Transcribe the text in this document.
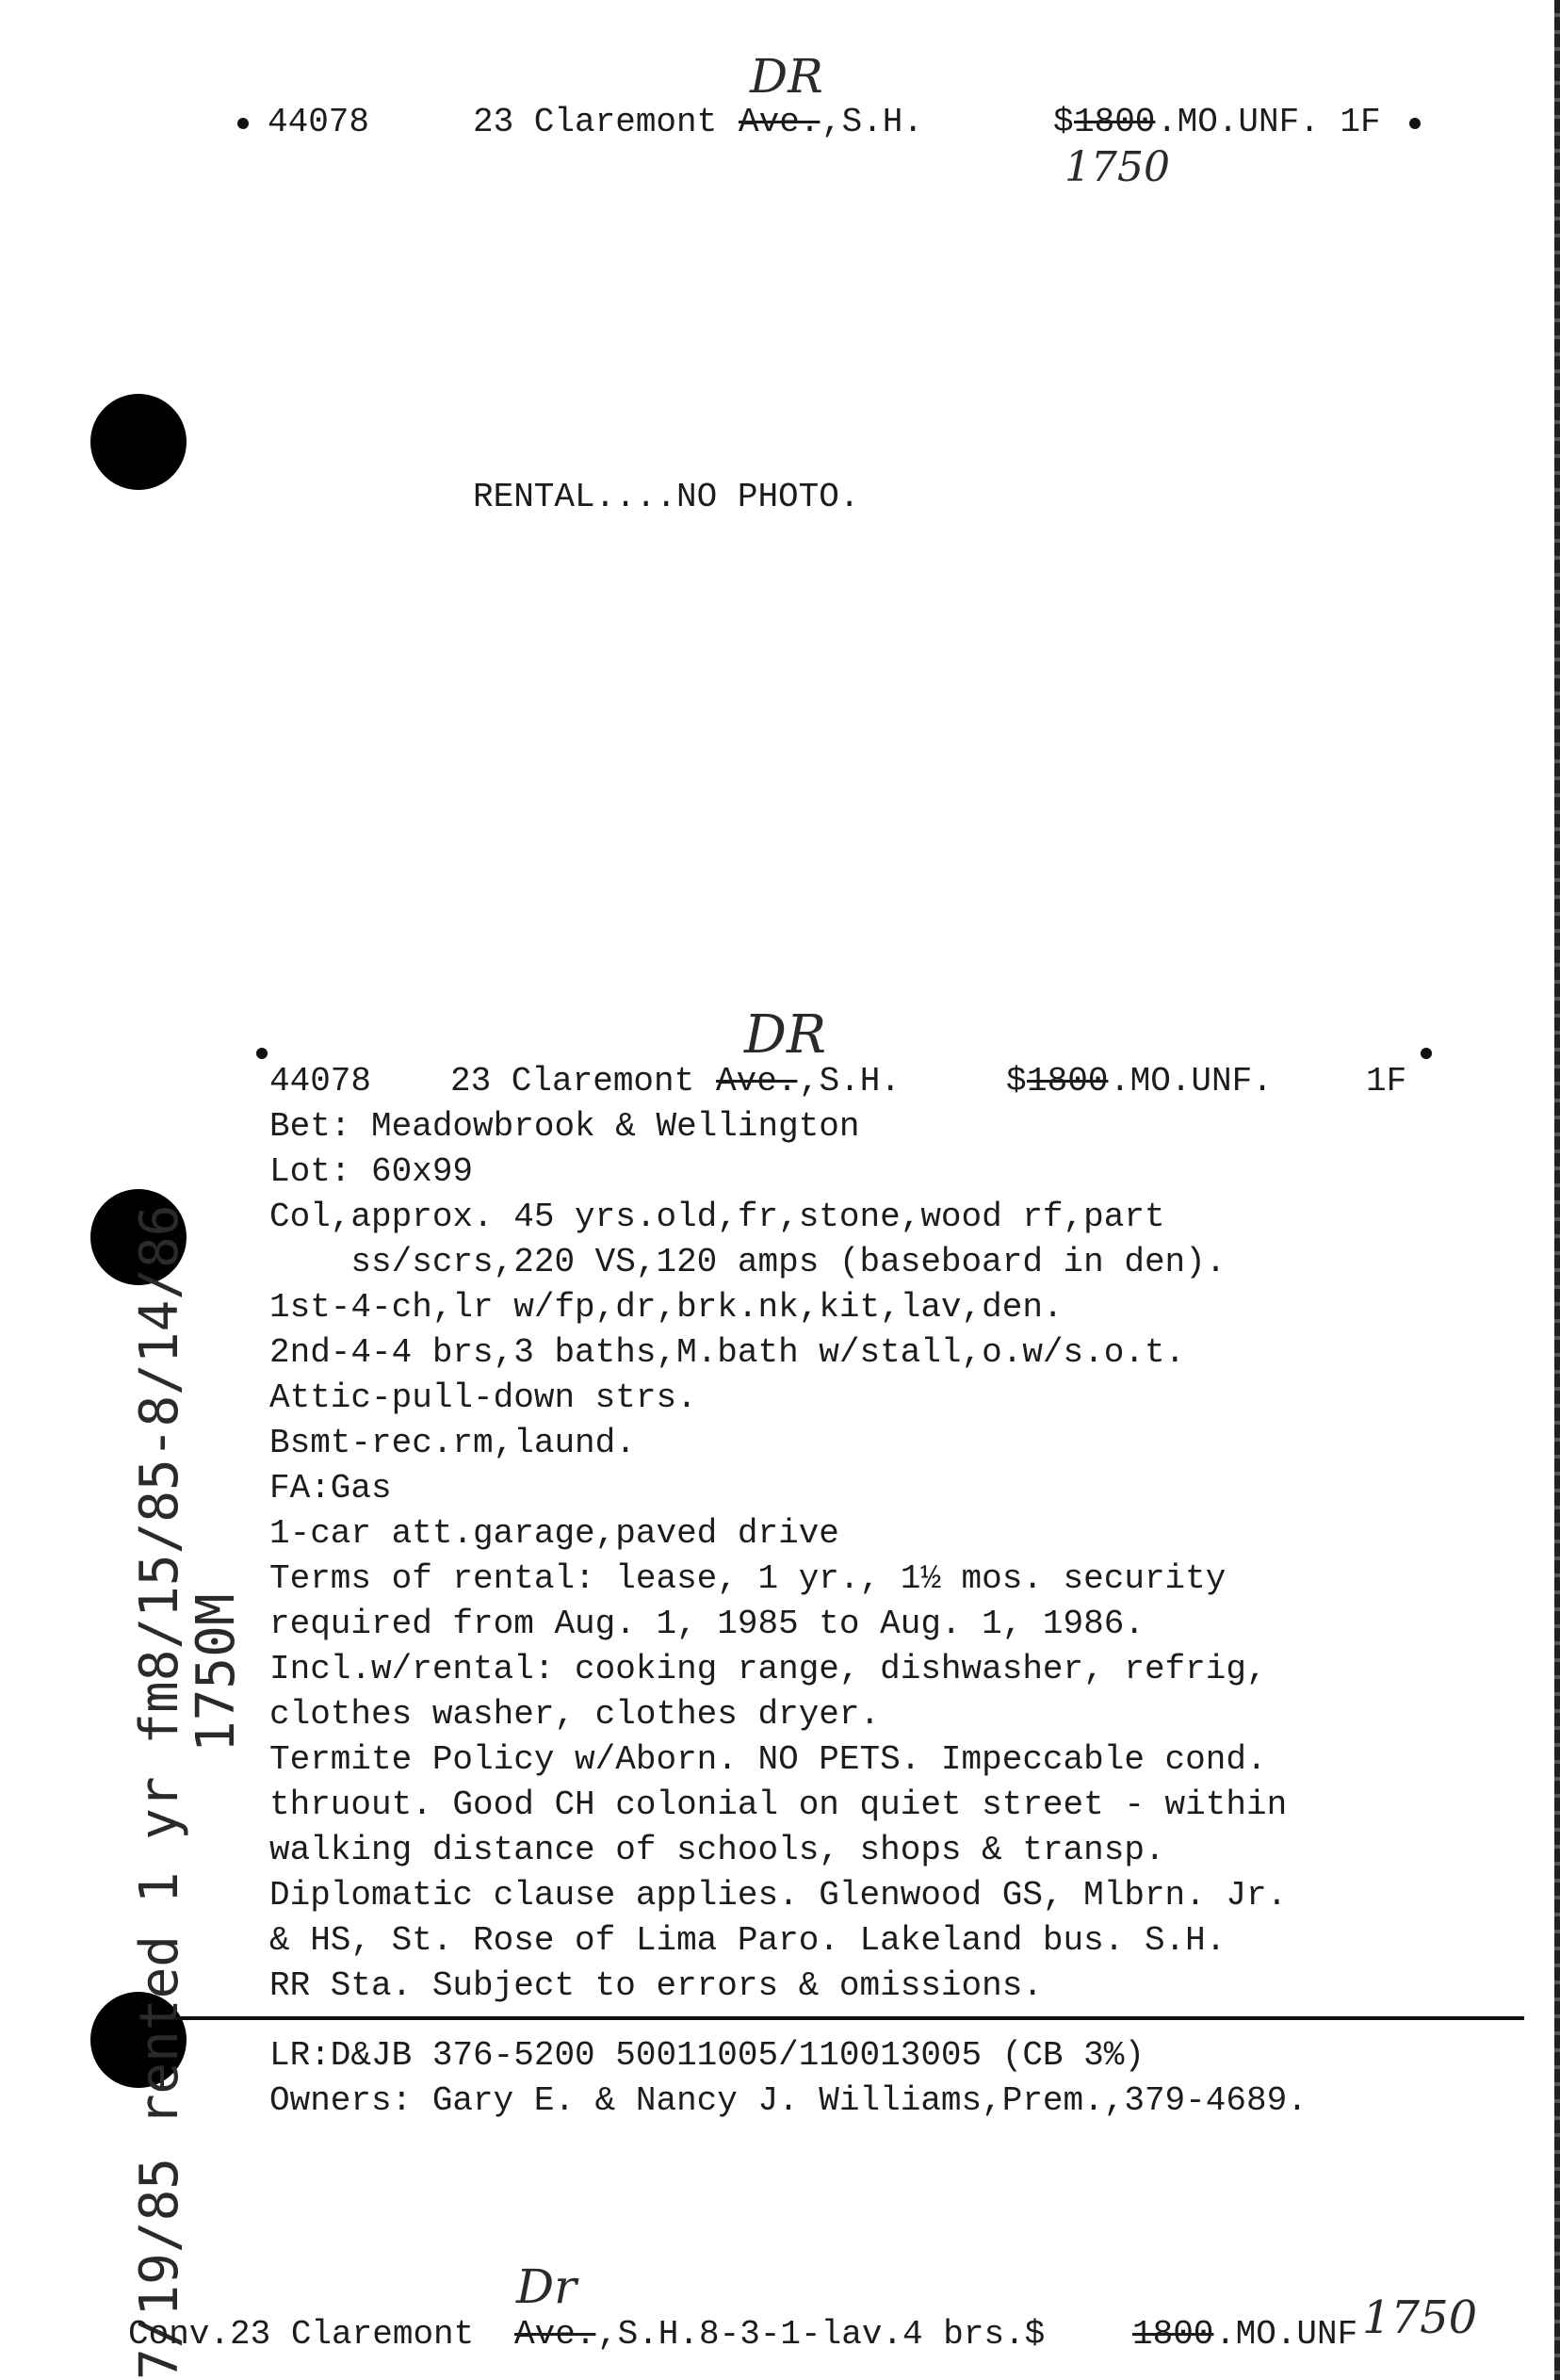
44078	23 Claremont Ave.
DR
,S.H.	$ 1800 .MO.UNF. 1F
1750
RENTAL....NO PHOTO.
44078 23 Claremont Ave.
DR
,S.H.	$ 1800 .MO.UNF.	1F
Bet: Meadowbrook & Wellington
Lot: 60x99
Col,approx. 45 yrs.old,fr,stone,wood rf,part
ss/scrs,220 VS,120 amps (baseboard in den).
1st-4-ch,lr w/fp,dr,brk.nk,kit,lav,den.
2nd-4-4 brs,3 baths,M.bath w/stall,o.w/s.o.t.
Attic-pull-down strs.
Bsmt-rec.rm,laund.
FA:Gas
1-car att.garage,paved drive
Terms of rental: lease, 1 yr., 1½ mos. security
required from Aug. 1, 1985 to Aug. 1, 1986.
Incl.w/rental: cooking range, dishwasher, refrig,
clothes washer, clothes dryer.
Termite Policy w/Aborn. NO PETS. Impeccable cond.
thruout. Good CH colonial on quiet street - within
walking distance of schools, shops & transp.
Diplomatic clause applies. Glenwood GS, Mlbrn. Jr.
& HS, St. Rose of Lima Paro. Lakeland bus. S.H.
RR Sta. Subject to errors & omissions.
LR:D&JB 376-5200 50011005/110013005 (CB 3%)
Owners: Gary E. & Nancy J. Williams,Prem.,379-4689.
7/19/85 rented 1 yr fm8/15/85-8/14/86
1750M
Conv.23 Claremont Ave.
Dr
,S.H.8-3-1-lav.4 brs.$	1800 .MO.UNF 1750
